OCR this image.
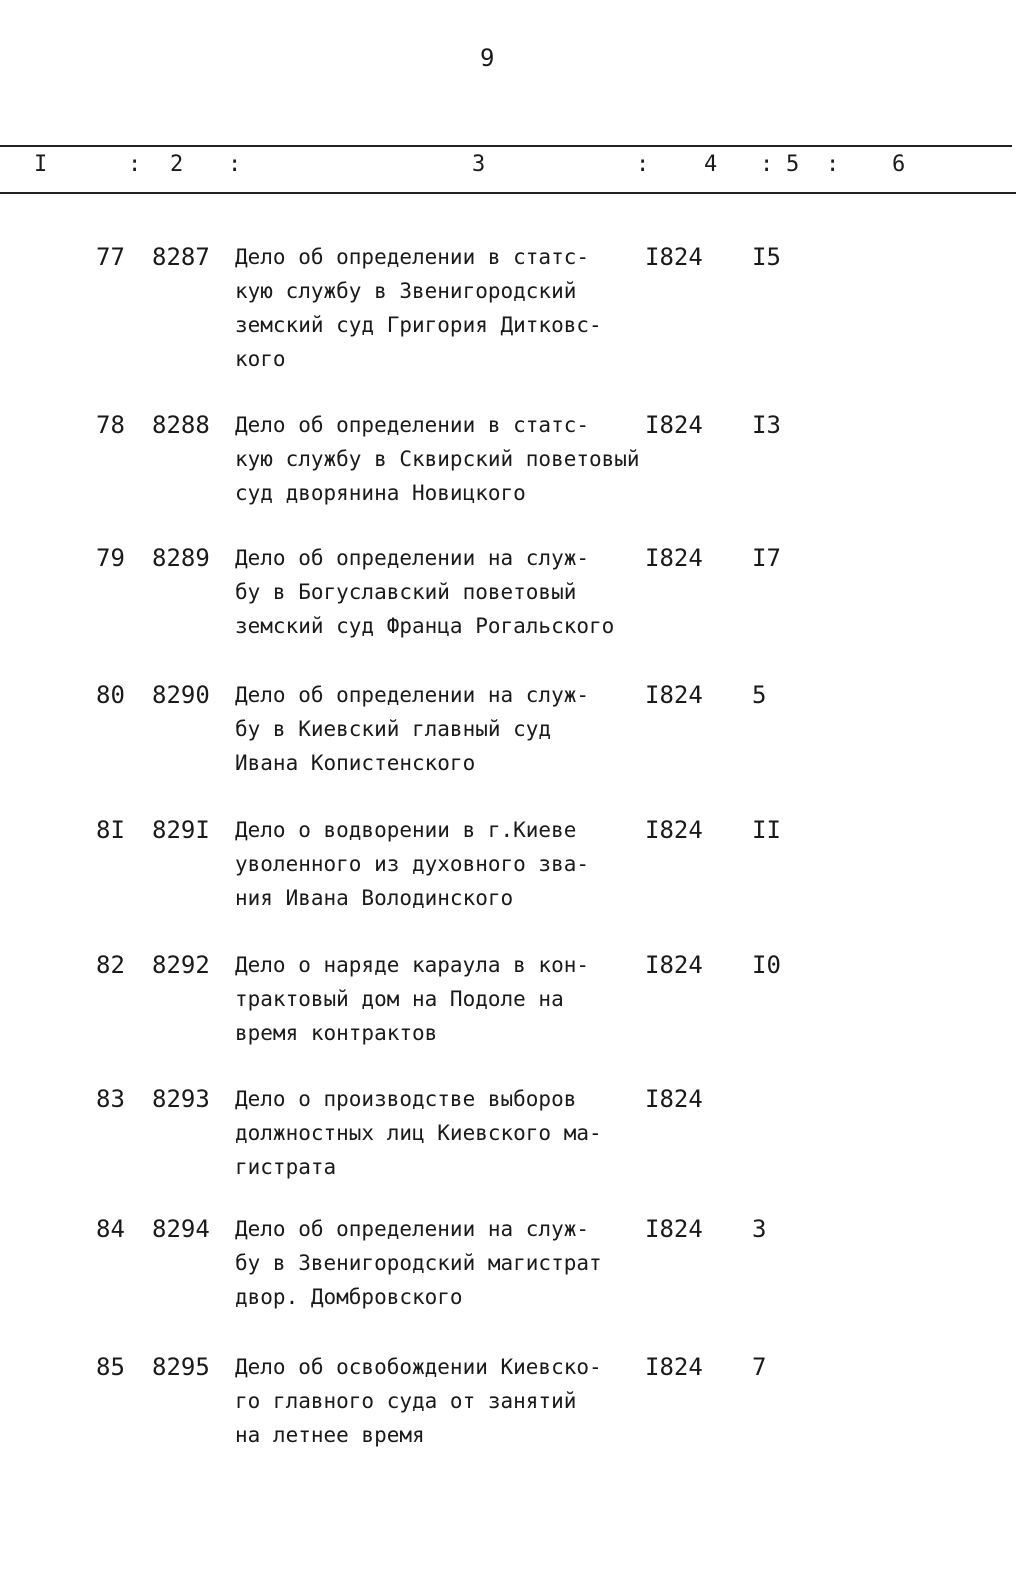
9
I	: 2 :	3	: 4 : 5 : 6
77 8287 Дело об определении в статс-
кую службу в Звенигородский
земский суд Григория Дитковс-
кого
I824 I5
78 8288 Дело об определении в статс-
кую службу в Сквирский поветовый
суд дворянина Новицкого
I824 I3
79 8289 Дело об определении на служ-
бу в Богуславский поветовый
земский суд Франца Рогальского
I824 I7
80 8290 Дело об определении на служ-
бу в Киевский главный суд
Ивана Копистенского
I824 5
8I 829I Дело о водворении в г.Киеве
уволенного из духовного зва-
ния Ивана Володинского
I824 II
82 8292 Дело о наряде караула в кон-
трактовый дом на Подоле на
время контрактов
I824 I0
83 8293 Дело о производстве выборов
должностных лиц Киевского ма-
гистрата
I824
84 8294 Дело об определении на служ-
бу в Звенигородский магистрат
двор. Домбровского
I824 3
85 8295 Дело об освобождении Киевско-
го главного суда от занятий
на летнее время
I824 7
